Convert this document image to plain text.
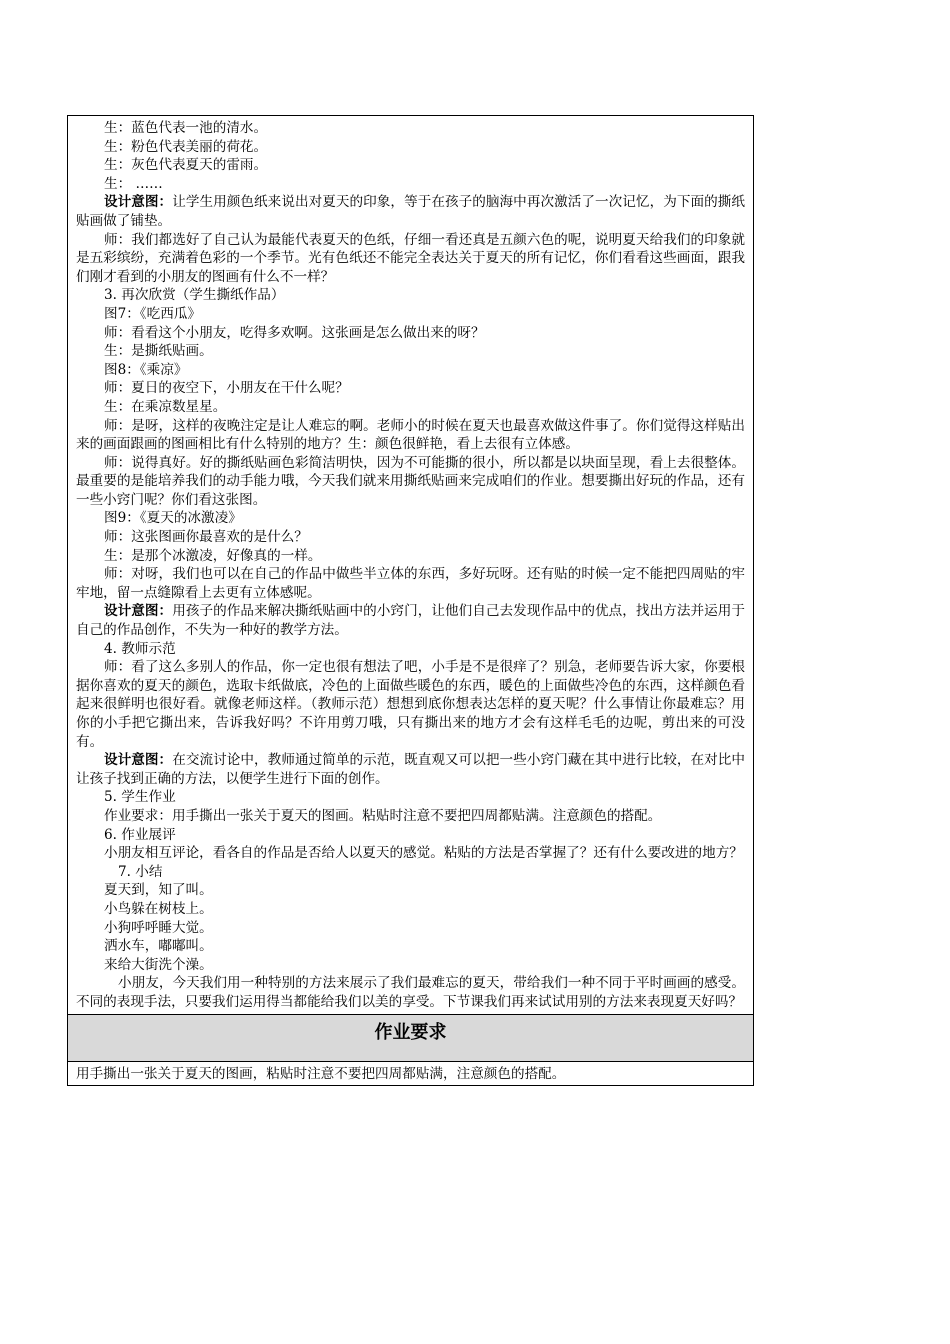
生：蓝色代表一池的清水。

生：粉色代表美丽的荷花。

生：灰色代表夏天的雷雨。

生： ……

设计意图：让学生用颜色纸来说出对夏天的印象，等于在孩子的脑海中再次激活了一次记忆，为下面的撕纸贴画做了铺垫。

师：我们都选好了自己认为最能代表夏天的色纸，仔细一看还真是五颜六色的呢，说明夏天给我们的印象就是五彩缤纷，充满着色彩的一个季节。光有色纸还不能完全表达关于夏天的所有记忆，你们看看这些画面，跟我们刚才看到的小朋友的图画有什么不一样？

3. 再次欣赏（学生撕纸作品）

图7：《吃西瓜》

师：看看这个小朋友，吃得多欢啊。这张画是怎么做出来的呀？

生：是撕纸贴画。

图8：《乘凉》

师：夏日的夜空下，小朋友在干什么呢？

生：在乘凉数星星。

师：是呀，这样的夜晚注定是让人难忘的啊。老师小的时候在夏天也最喜欢做这件事了。你们觉得这样贴出来的画面跟画的图画相比有什么特别的地方？生：颜色很鲜艳，看上去很有立体感。

师：说得真好。好的撕纸贴画色彩简洁明快，因为不可能撕的很小，所以都是以块面呈现，看上去很整体。最重要的是能培养我们的动手能力哦，今天我们就来用撕纸贴画来完成咱们的作业。想要撕出好玩的作品，还有一些小窍门呢？你们看这张图。

图9：《夏天的冰激凌》

师：这张图画你最喜欢的是什么？

生：是那个冰激凌，好像真的一样。

师：对呀，我们也可以在自己的作品中做些半立体的东西，多好玩呀。还有贴的时候一定不能把四周贴的牢牢地，留一点缝隙看上去更有立体感呢。

设计意图：用孩子的作品来解决撕纸贴画中的小窍门，让他们自己去发现作品中的优点，找出方法并运用于自己的作品创作，不失为一种好的教学方法。

4. 教师示范

师：看了这么多别人的作品，你一定也很有想法了吧，小手是不是很痒了？别急，老师要告诉大家，你要根据你喜欢的夏天的颜色，选取卡纸做底，冷色的上面做些暖色的东西，暖色的上面做些冷色的东西，这样颜色看起来很鲜明也很好看。就像老师这样。（教师示范）想想到底你想表达怎样的夏天呢？什么事情让你最难忘？用你的小手把它撕出来，告诉我好吗？不许用剪刀哦，只有撕出来的地方才会有这样毛毛的边呢，剪出来的可没有。

设计意图：在交流讨论中，教师通过简单的示范，既直观又可以把一些小窍门藏在其中进行比较，在对比中让孩子找到正确的方法，以便学生进行下面的创作。

5. 学生作业

作业要求：用手撕出一张关于夏天的图画。粘贴时注意不要把四周都贴满。注意颜色的搭配。

6. 作业展评

小朋友相互评论，看各自的作品是否给人以夏天的感觉。粘贴的方法是否掌握了？还有什么要改进的地方？

7. 小结

夏天到，知了叫。

小鸟躲在树枝上。

小狗呼呼睡大觉。

洒水车，嘟嘟叫。

来给大街洗个澡。

小朋友，今天我们用一种特别的方法来展示了我们最难忘的夏天，带给我们一种不同于平时画画的感受。不同的表现手法，只要我们运用得当都能给我们以美的享受。下节课我们再来试试用别的方法来表现夏天好吗？

作业要求
用手撕出一张关于夏天的图画，粘贴时注意不要把四周都贴满，注意颜色的搭配。
